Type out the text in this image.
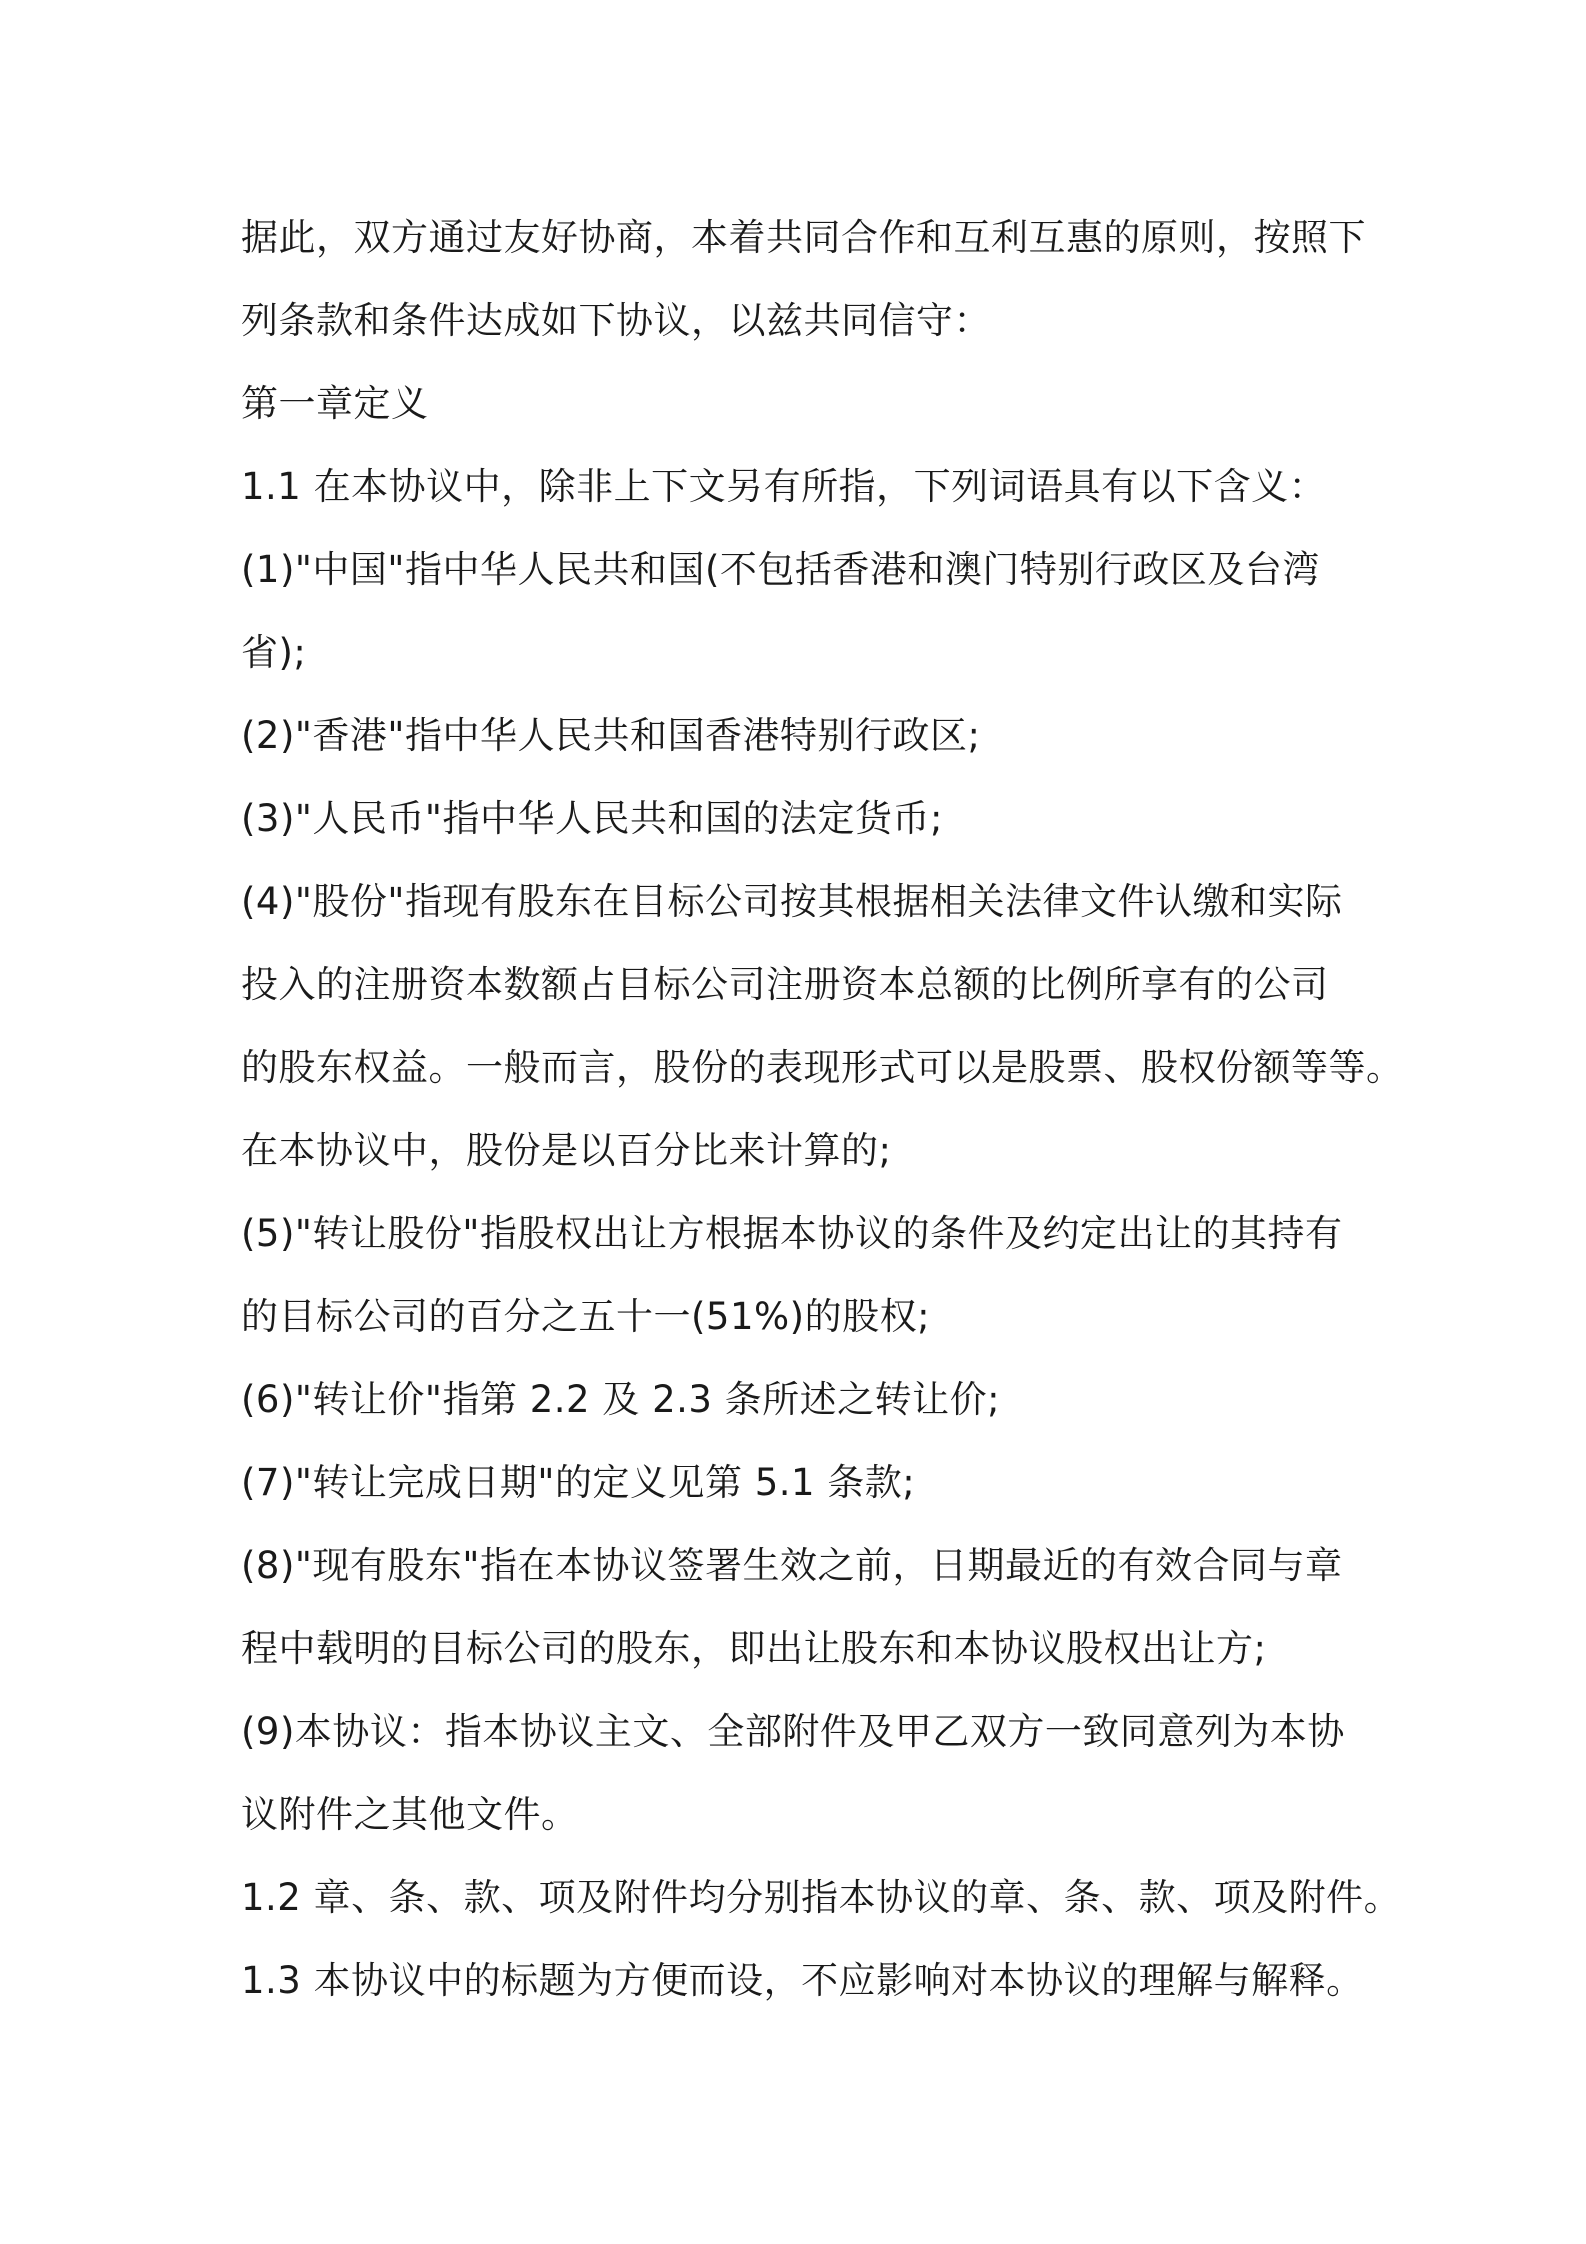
据此，双方通过友好协商，本着共同合作和互利互惠的原则，按照下
列条款和条件达成如下协议，以兹共同信守：
第一章定义
1.1 在本协议中，除非上下文另有所指，下列词语具有以下含义：
(1)"中国"指中华人民共和国(不包括香港和澳门特别行政区及台湾
省);
(2)"香港"指中华人民共和国香港特别行政区;
(3)"人民币"指中华人民共和国的法定货币;
(4)"股份"指现有股东在目标公司按其根据相关法律文件认缴和实际
投入的注册资本数额占目标公司注册资本总额的比例所享有的公司
的股东权益。一般而言，股份的表现形式可以是股票、股权份额等等。
在本协议中，股份是以百分比来计算的;
(5)"转让股份"指股权出让方根据本协议的条件及约定出让的其持有
的目标公司的百分之五十一(51%)的股权;
(6)"转让价"指第 2.2 及 2.3 条所述之转让价;
(7)"转让完成日期"的定义见第 5.1 条款;
(8)"现有股东"指在本协议签署生效之前，日期最近的有效合同与章
程中载明的目标公司的股东，即出让股东和本协议股权出让方;
(9)本协议：指本协议主文、全部附件及甲乙双方一致同意列为本协
议附件之其他文件。
1.2 章、条、款、项及附件均分别指本协议的章、条、款、项及附件。
1.3 本协议中的标题为方便而设，不应影响对本协议的理解与解释。
